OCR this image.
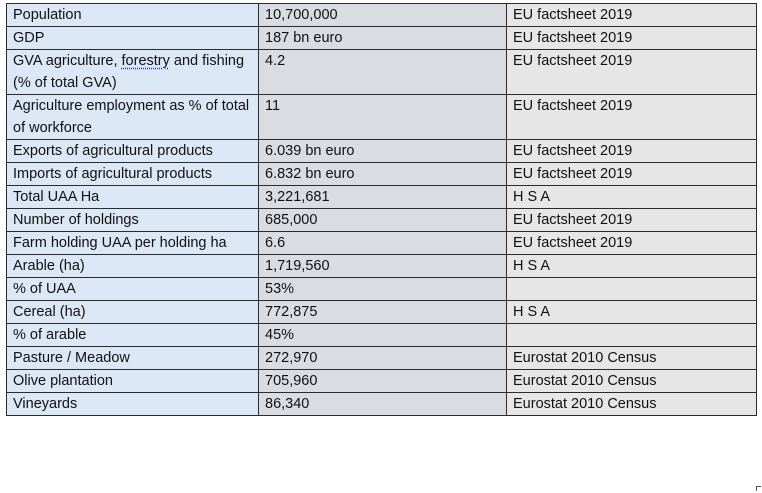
Population	10,700,000	EU factsheet 2019
GDP	187 bn euro	EU factsheet 2019
GVA agriculture, forestry and fishing (% of total GVA)	4.2	EU factsheet 2019
Agriculture employment as % of total of workforce	11	EU factsheet 2019
Exports of agricultural products	6.039 bn euro	EU factsheet 2019
Imports of agricultural products	6.832 bn euro	EU factsheet 2019
Total UAA Ha	3,221,681	H S A
Number of holdings	685,000	EU factsheet 2019
Farm holding UAA per holding ha	6.6	EU factsheet 2019
Arable (ha)	1,719,560	H S A
% of UAA	53%	
Cereal (ha)	772,875	H S A
% of arable	45%	
Pasture / Meadow	272,970	Eurostat 2010 Census
Olive plantation	705,960	Eurostat 2010 Census
Vineyards	86,340	Eurostat 2010 Census
